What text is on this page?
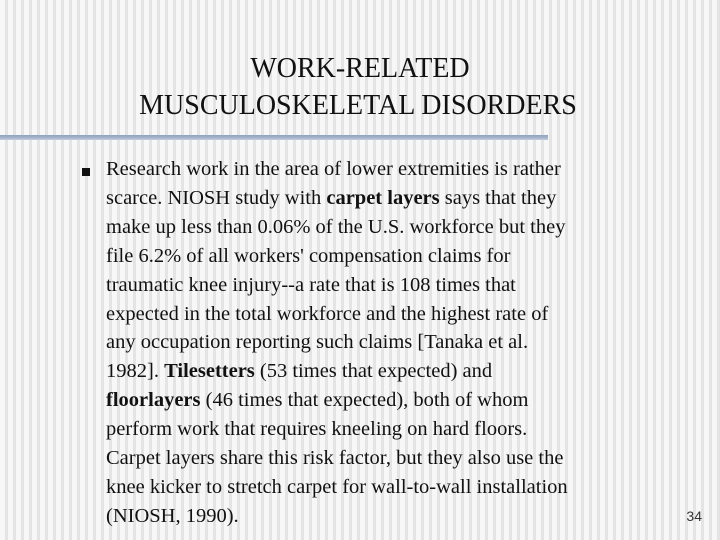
WORK-RELATED
MUSCULOSKELETAL DISORDERS

Research work in the area of lower extremities is rather
scarce. NIOSH study with carpet layers says that they
make up less than 0.06% of the U.S. workforce but they
file 6.2% of all workers' compensation claims for
traumatic knee injury--a rate that is 108 times that
expected in the total workforce and the highest rate of
any occupation reporting such claims [Tanaka et al.
1982]. Tilesetters (53 times that expected) and
floorlayers (46 times that expected), both of whom
perform work that requires kneeling on hard floors.
Carpet layers share this risk factor, but they also use the
knee kicker to stretch carpet for wall-to-wall installation
(NIOSH, 1990).	34
